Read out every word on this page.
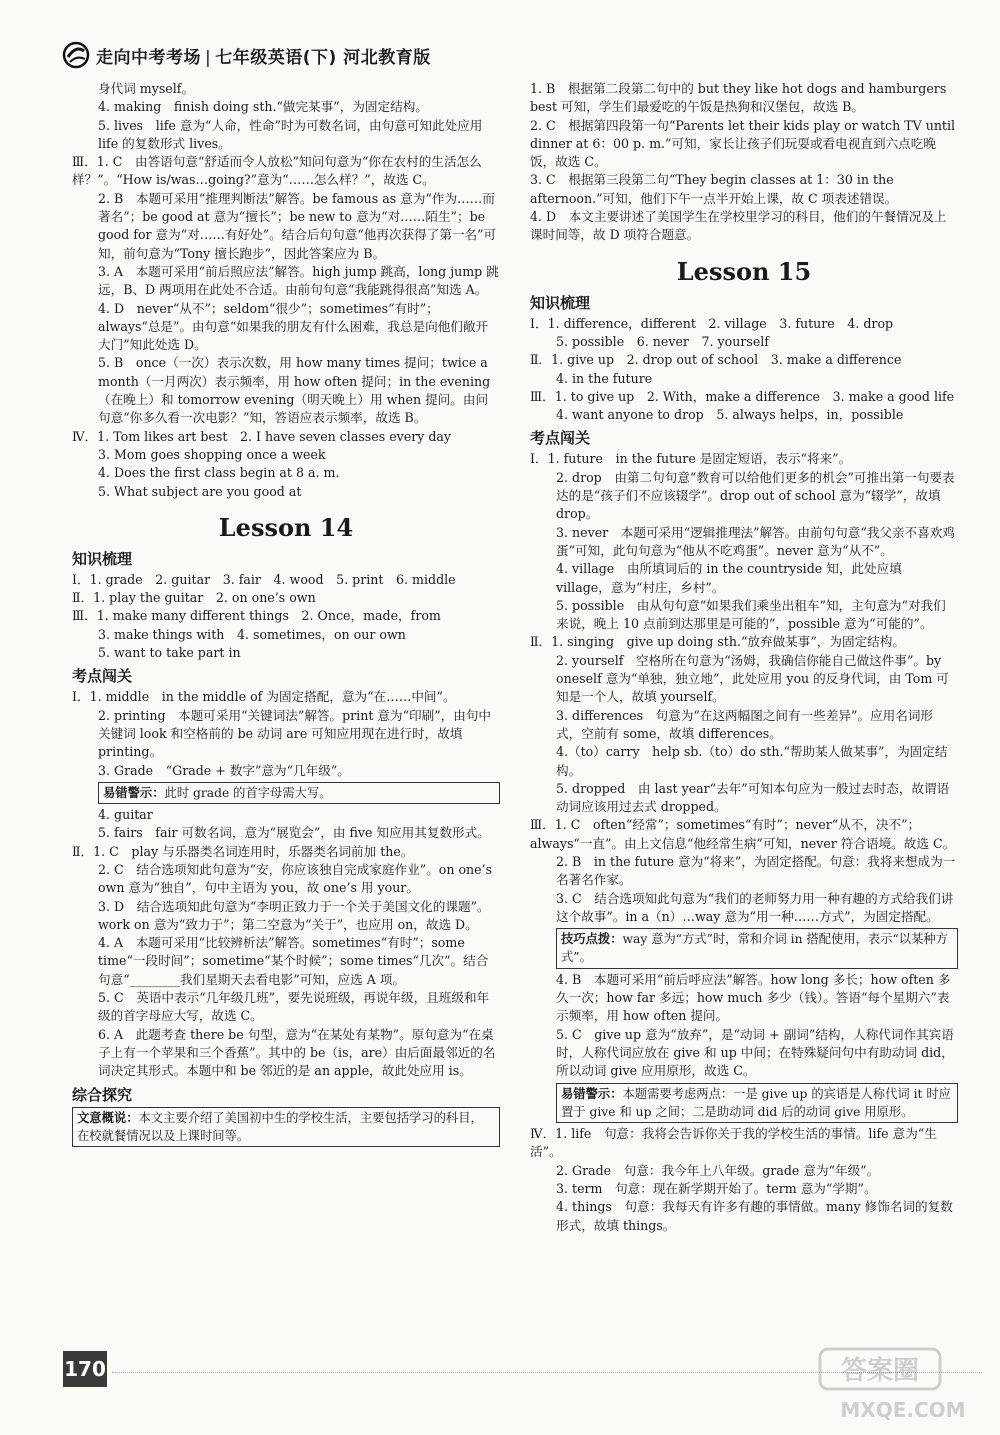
走向中考考场 | 七年级英语(下) 河北教育版

身代词 myself。

4. making　finish doing sth.“做完某事”，为固定结构。

5. lives　life 意为“人命，性命”时为可数名词，由句意可知此处应用 life 的复数形式 lives。

Ⅲ．1. C　由答语句意“舒适而令人放松”知问句意为“你在农村的生活怎么样？”。“How is/was…going?”意为“……怎么样？”，故选 C。

2. B　本题可采用“推理判断法”解答。be famous as 意为“作为……而著名”；be good at 意为“擅长”；be new to 意为“对……陌生”；be good for 意为“对……有好处”。结合后句句意“他再次获得了第一名”可知，前句意为“Tony 擅长跑步”，因此答案应为 B。

3. A　本题可采用“前后照应法”解答。high jump 跳高，long jump 跳远，B、D 两项用在此处不合适。由前句句意“我能跳得很高”知选 A。

4. D　never“从不”；seldom“很少”；sometimes“有时”；always“总是”。由句意“如果我的朋友有什么困难，我总是向他们敞开大门”知此处选 D。

5. B　once（一次）表示次数，用 how many times 提问；twice a month（一月两次）表示频率，用 how often 提问；in the evening（在晚上）和 tomorrow evening（明天晚上）用 when 提问。由问句意“你多久看一次电影？”知，答语应表示频率，故选 B。

Ⅳ．1. Tom likes art best　2. I have seven classes every day

3. Mom goes shopping once a week

4. Does the first class begin at 8 a. m.

5. What subject are you good at

Lesson 14

知识梳理

Ⅰ．1. grade　2. guitar　3. fair　4. wood　5. print　6. middle

Ⅱ．1. play the guitar　2. on one’s own

Ⅲ．1. make many different things　2. Once，made，from

3. make things with　4. sometimes，on our own

5. want to take part in

考点闯关

Ⅰ．1. middle　in the middle of 为固定搭配，意为“在……中间”。

2. printing　本题可采用“关键词法”解答。print 意为“印刷”，由句中关键词 look 和空格前的 be 动词 are 可知应用现在进行时，故填 printing。

3. Grade　“Grade + 数字”意为“几年级”。

易错警示：此时 grade 的首字母需大写。

4. guitar

5. fairs　fair 可数名词，意为“展览会”，由 five 知应用其复数形式。

Ⅱ．1. C　play 与乐器类名词连用时，乐器类名词前加 the。

2. C　结合选项知此句意为“安，你应该独自完成家庭作业”。on one’s own 意为“独自”，句中主语为 you，故 one’s 用 your。

3. D　结合选项知此句意为“李明正致力于一个关于美国文化的课题”。work on 意为“致力于”；第二空意为“关于”，也应用 on，故选 D。

4. A　本题可采用“比较辨析法”解答。sometimes“有时”；some time“一段时间”；sometime“某个时候”；some times“几次”。结合句意“________我们星期天去看电影”可知，应选 A 项。

5. C　英语中表示“几年级几班”，要先说班级，再说年级，且班级和年级的首字母应大写，故选 C。

6. A　此题考查 there be 句型，意为“在某处有某物”。原句意为“在桌子上有一个苹果和三个香蕉”。其中的 be（is，are）由后面最邻近的名词决定其形式。本题中和 be 邻近的是 an apple，故此处应用 is。

综合探究

文意概说：本文主要介绍了美国初中生的学校生活，主要包括学习的科目，在校就餐情况以及上课时间等。

1. B　根据第二段第二句中的 but they like hot dogs and hamburgers best 可知，学生们最爱吃的午饭是热狗和汉堡包，故选 B。

2. C　根据第四段第一句“Parents let their kids play or watch TV until dinner at 6：00 p. m.”可知，家长让孩子们玩耍或看电视直到六点吃晚饭，故选 C。

3. C　根据第三段第二句“They begin classes at 1：30 in the afternoon.”可知，他们下午一点半开始上课，故 C 项表述错误。

4. D　本文主要讲述了美国学生在学校里学习的科目，他们的午餐情况及上课时间等，故 D 项符合题意。

Lesson 15

知识梳理

Ⅰ．1. difference，different　2. village　3. future　4. drop

5. possible　6. never　7. yourself

Ⅱ．1. give up　2. drop out of school　3. make a difference

4. in the future

Ⅲ．1. to give up　2. With，make a difference　3. make a good life

4. want anyone to drop　5. always helps，in，possible

考点闯关

Ⅰ．1. future　in the future 是固定短语，表示“将来”。

2. drop　由第二句句意“教育可以给他们更多的机会”可推出第一句要表达的是“孩子们不应该辍学”。drop out of school 意为“辍学”，故填 drop。

3. never　本题可采用“逻辑推理法”解答。由前句句意“我父亲不喜欢鸡蛋”可知，此句句意为“他从不吃鸡蛋”。never 意为“从不”。

4. village　由所填词后的 in the countryside 知，此处应填 village，意为“村庄，乡村”。

5. possible　由从句句意“如果我们乘坐出租车”知，主句意为“对我们来说，晚上 10 点前到达那里是可能的”，possible 意为“可能的”。

Ⅱ．1. singing　give up doing sth.“放弃做某事”，为固定结构。

2. yourself　空格所在句意为“汤姆，我确信你能自己做这件事”。by oneself 意为“单独，独立地”，此处应用 you 的反身代词，由 Tom 可知是一个人，故填 yourself。

3. differences　句意为“在这两幅图之间有一些差异”。应用名词形式，空前有 some，故填 differences。

4.（to）carry　help sb.（to）do sth.“帮助某人做某事”，为固定结构。

5. dropped　由 last year“去年”可知本句应为一般过去时态，故谓语动词应该用过去式 dropped。

Ⅲ．1. C　often“经常”；sometimes“有时”；never“从不，决不”；always“一直”。由上文信息“他经常生病”可知，never 符合语境。故选 C。

2. B　in the future 意为“将来”，为固定搭配。句意：我将来想成为一名著名作家。

3. C　结合选项知此句意为“我们的老师努力用一种有趣的方式给我们讲这个故事”。in a（n）…way 意为“用一种……方式”，为固定搭配。

技巧点拨：way 意为“方式”时，常和介词 in 搭配使用，表示“以某种方式”。

4. B　本题可采用“前后呼应法”解答。how long 多长；how often 多久一次；how far 多远；how much 多少（钱）。答语“每个星期六”表示频率，用 how often 提问。

5. C　give up 意为“放弃”，是“动词 + 副词”结构，人称代词作其宾语时，人称代词应放在 give 和 up 中间；在特殊疑问句中有助动词 did，所以动词 give 应用原形，故选 C。

易错警示：本题需要考虑两点：一是 give up 的宾语是人称代词 it 时应置于 give 和 up 之间；二是助动词 did 后的动词 give 用原形。

Ⅳ．1. life　句意：我将会告诉你关于我的学校生活的事情。life 意为“生活”。

2. Grade　句意：我今年上八年级。grade 意为“年级”。

3. term　句意：现在新学期开始了。term 意为“学期”。

4. things　句意：我每天有许多有趣的事情做。many 修饰名词的复数形式，故填 things。

170	答案圈
MXQE.COM
